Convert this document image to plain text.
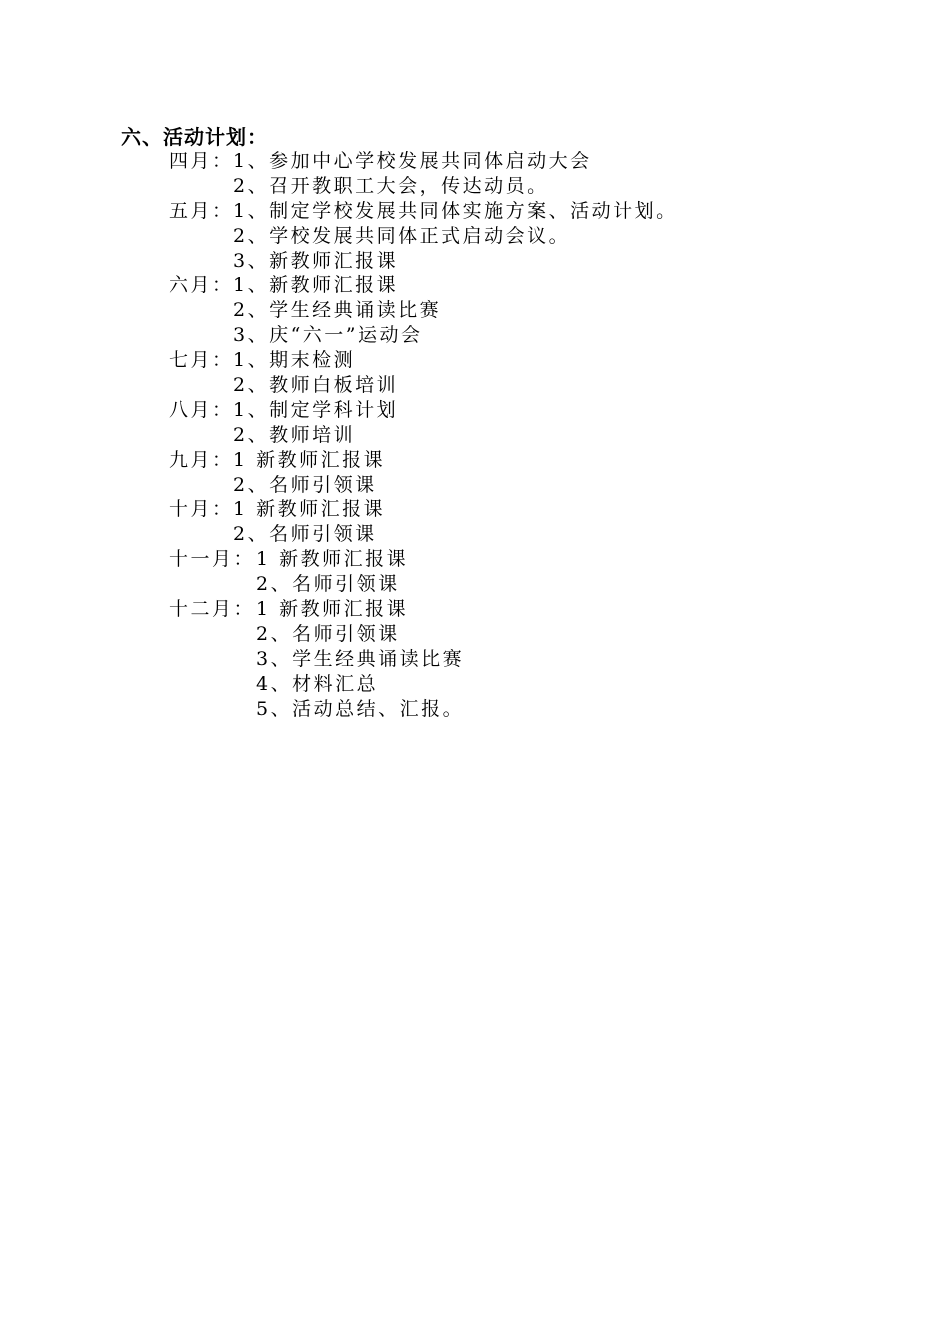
六、活动计划：
四月： 1、参加中心学校发展共同体启动大会
2、召开教职工大会，传达动员。
五月： 1、制定学校发展共同体实施方案、活动计划。
2、学校发展共同体正式启动会议。
3、新教师汇报课
六月： 1、新教师汇报课
2、学生经典诵读比赛
3、庆“六一”运动会
七月： 1、期末检测
2、教师白板培训
八月： 1、制定学科计划
2、教师培训
九月： 1 新教师汇报课
2、名师引领课
十月： 1 新教师汇报课
2、名师引领课
十一月： 1 新教师汇报课
2、名师引领课
十二月： 1 新教师汇报课
2、名师引领课
3、学生经典诵读比赛
4、材料汇总
5、活动总结、汇报。
